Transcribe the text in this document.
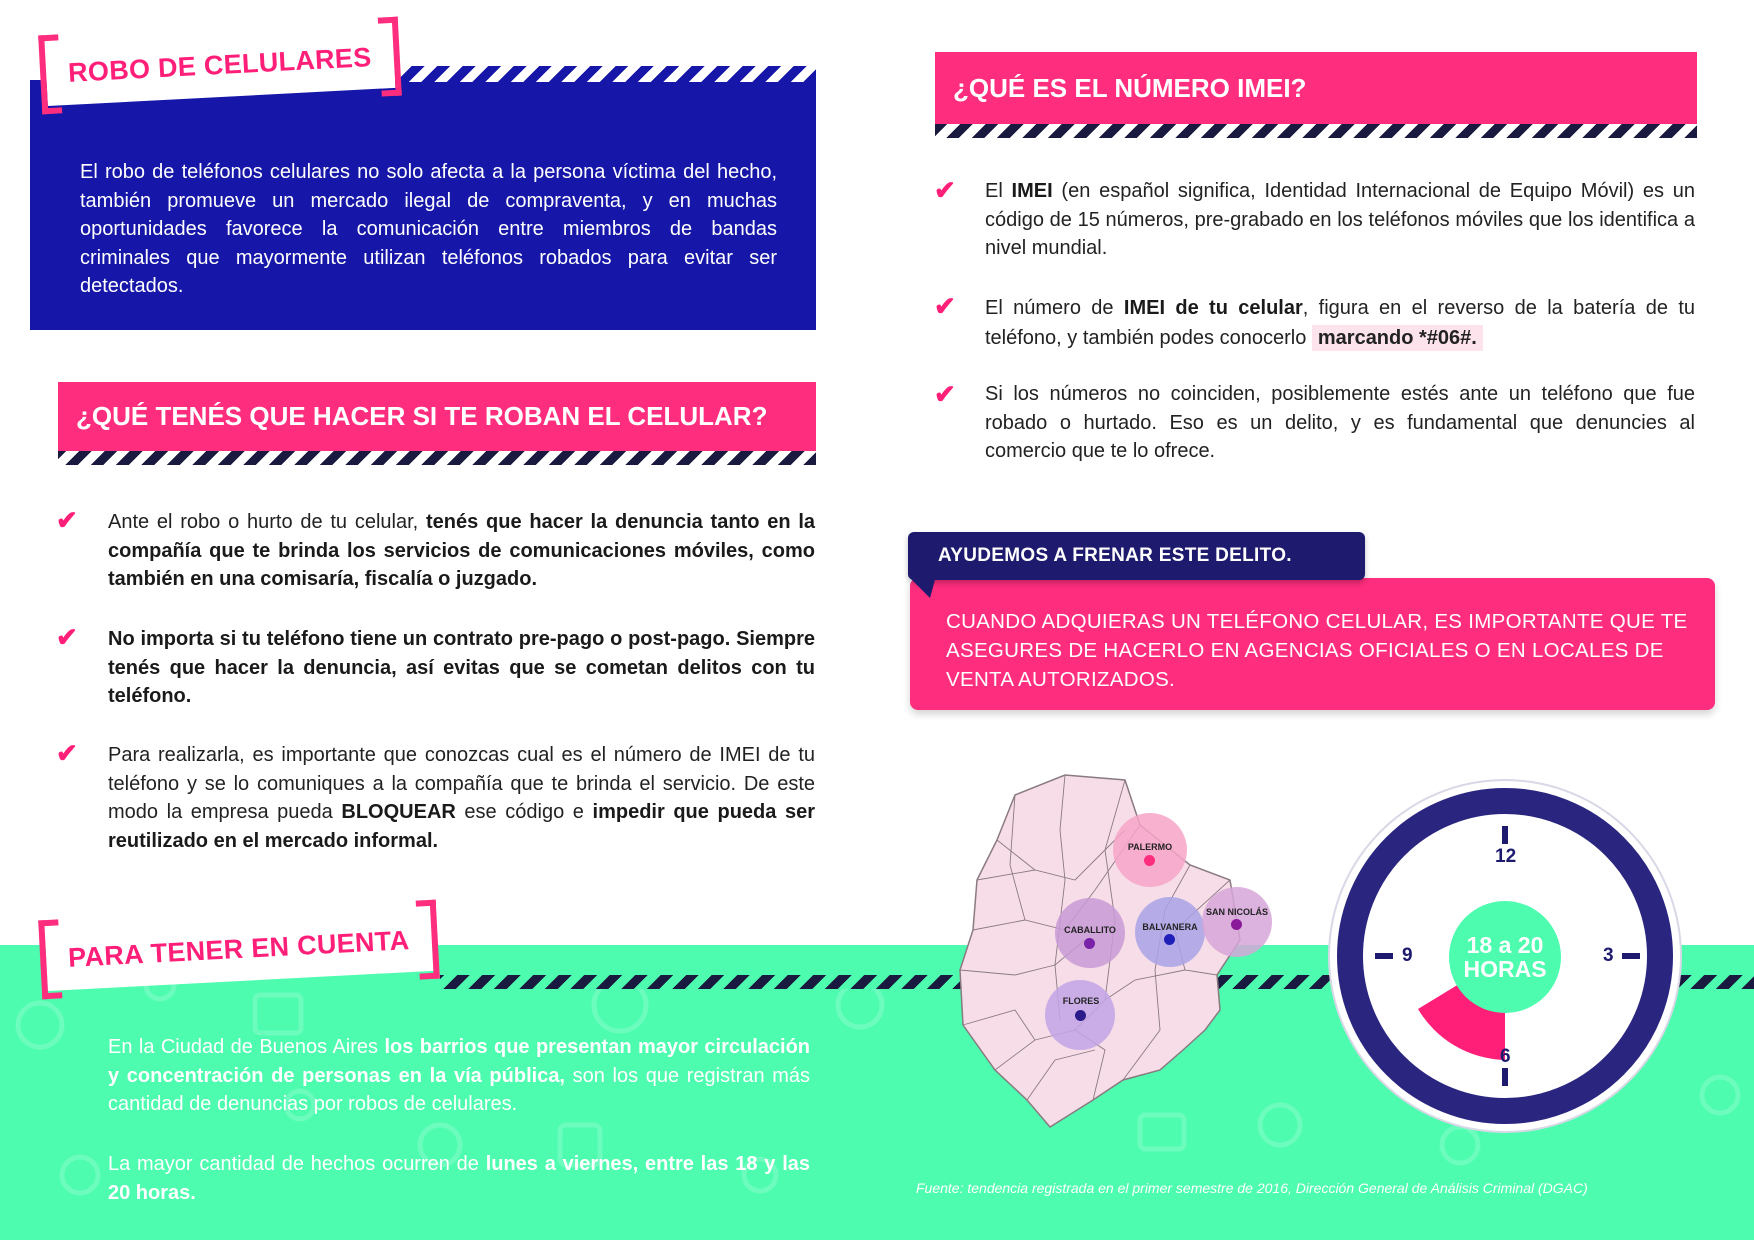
ROBO DE CELULARES

El robo de teléfonos celulares no solo afecta a la persona víctima del hecho, también promueve un mercado ilegal de compraventa, y en muchas oportunidades favorece la comunicación entre miembros de bandas criminales que mayormente utilizan teléfonos robados para evitar ser detectados.

¿QUÉ TENÉS QUE HACER SI TE ROBAN EL CELULAR?
✔ Ante el robo o hurto de tu celular, tenés que hacer la denuncia tanto en la compañía que te brinda los servicios de comunicaciones móviles, como también en una comisaría, fiscalía o juzgado.

✔ No importa si tu teléfono tiene un contrato pre-pago o post-pago. Siempre tenés que hacer la denuncia, así evitas que se cometan delitos con tu teléfono.

✔ Para realizarla, es importante que conozcas cual es el número de IMEI de tu teléfono y se lo comuniques a la compañía que te brinda el servicio. De este modo la empresa pueda BLOQUEAR ese código e impedir que pueda ser reutilizado en el mercado informal.

PARA TENER EN CUENTA

En la Ciudad de Buenos Aires los barrios que presentan mayor circulación y concentración de personas en la vía pública, son los que registran más cantidad de denuncias por robos de celulares.

La mayor cantidad de hechos ocurren de lunes a viernes, entre las 18 y las 20 horas.

¿QUÉ ES EL NÚMERO IMEI?
✔ El IMEI (en español significa, Identidad Internacional de Equipo Móvil) es un código de 15 números, pre-grabado en los teléfonos móviles que los identifica a nivel mundial.

✔ El número de IMEI de tu celular, figura en el reverso de la batería de tu teléfono, y también podes conocerlo marcando *#06#.

✔ Si los números no coinciden, posiblemente estés ante un teléfono que fue robado o hurtado. Eso es un delito, y es fundamental que denuncies al comercio que te lo ofrece.

CUANDO ADQUIERAS UN TELÉFONO CELULAR, ES IMPORTANTE QUE TE ASEGURES DE HACERLO EN AGENCIAS OFICIALES O EN LOCALES DE VENTA AUTORIZADOS.

AYUDEMOS A FRENAR ESTE DELITO.
PALERMO
CABALLITO	BALVANERA
SAN NICOLÁS
FLORES
12
3
6
9 18 a 20
HORAS

Fuente: tendencia registrada en el primer semestre de 2016, Dirección General de Análisis Criminal (DGAC)
